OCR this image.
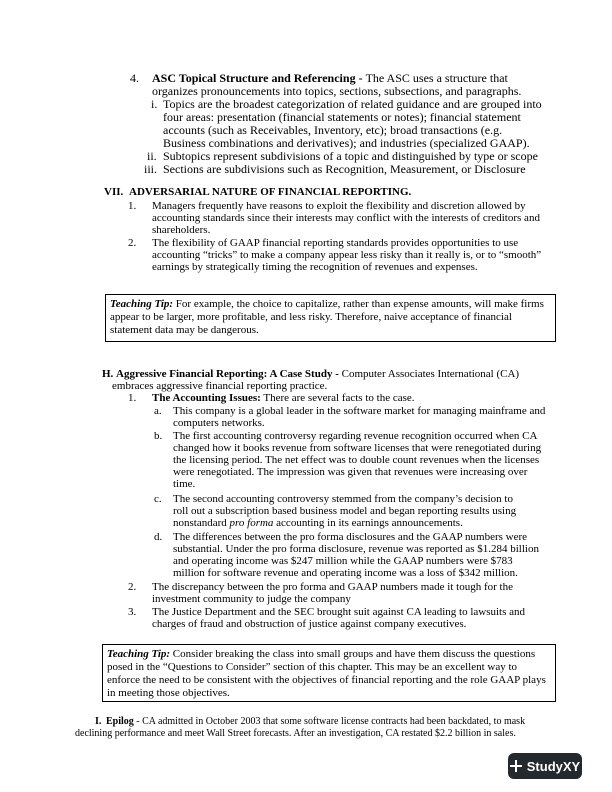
4. ASC Topical Structure and Referencing - The ASC uses a structure that
organizes pronouncements into topics, sections, subsections, and paragraphs.
i. Topics are the broadest categorization of related guidance and are grouped into
four areas: presentation (financial statements or notes); financial statement
accounts (such as Receivables, Inventory, etc); broad transactions (e.g.
Business combinations and derivatives); and industries (specialized GAAP).
ii. Subtopics represent subdivisions of a topic and distinguished by type or scope
iii. Sections are subdivisions such as Recognition, Measurement, or Disclosure
VII. ADVERSARIAL NATURE OF FINANCIAL REPORTING.
1. Managers frequently have reasons to exploit the flexibility and discretion allowed by
accounting standards since their interests may conflict with the interests of creditors and
shareholders.
2. The flexibility of GAAP financial reporting standards provides opportunities to use
accounting “tricks” to make a company appear less risky than it really is, or to “smooth”
earnings by strategically timing the recognition of revenues and expenses.
Teaching Tip: For example, the choice to capitalize, rather than expense amounts, will make firms
appear to be larger, more profitable, and less risky. Therefore, naive acceptance of financial
statement data may be dangerous.
H. Aggressive Financial Reporting: A Case Study - Computer Associates International (CA)
embraces aggressive financial reporting practice.
1. The Accounting Issues: There are several facts to the case.
a. This company is a global leader in the software market for managing mainframe and
computers networks.
b. The first accounting controversy regarding revenue recognition occurred when CA
changed how it books revenue from software licenses that were renegotiated during
the licensing period. The net effect was to double count revenues when the licenses
were renegotiated. The impression was given that revenues were increasing over
time.
c. The second accounting controversy stemmed from the company’s decision to
roll out a subscription based business model and began reporting results using
nonstandard pro forma accounting in its earnings announcements.
d. The differences between the pro forma disclosures and the GAAP numbers were
substantial. Under the pro forma disclosure, revenue was reported as $1.284 billion
and operating income was $247 million while the GAAP numbers were $783
million for software revenue and operating income was a loss of $342 million.
2. The discrepancy between the pro forma and GAAP numbers made it tough for the
investment community to judge the company
3. The Justice Department and the SEC brought suit against CA leading to lawsuits and
charges of fraud and obstruction of justice against company executives.
Teaching Tip: Consider breaking the class into small groups and have them discuss the questions
posed in the “Questions to Consider” section of this chapter. This may be an excellent way to
enforce the need to be consistent with the objectives of financial reporting and the role GAAP plays
in meeting those objectives.
I. Epilog - CA admitted in October 2003 that some software license contracts had been backdated, to mask
declining performance and meet Wall Street forecasts. After an investigation, CA restated $2.2 billion in sales.
StudyXY
